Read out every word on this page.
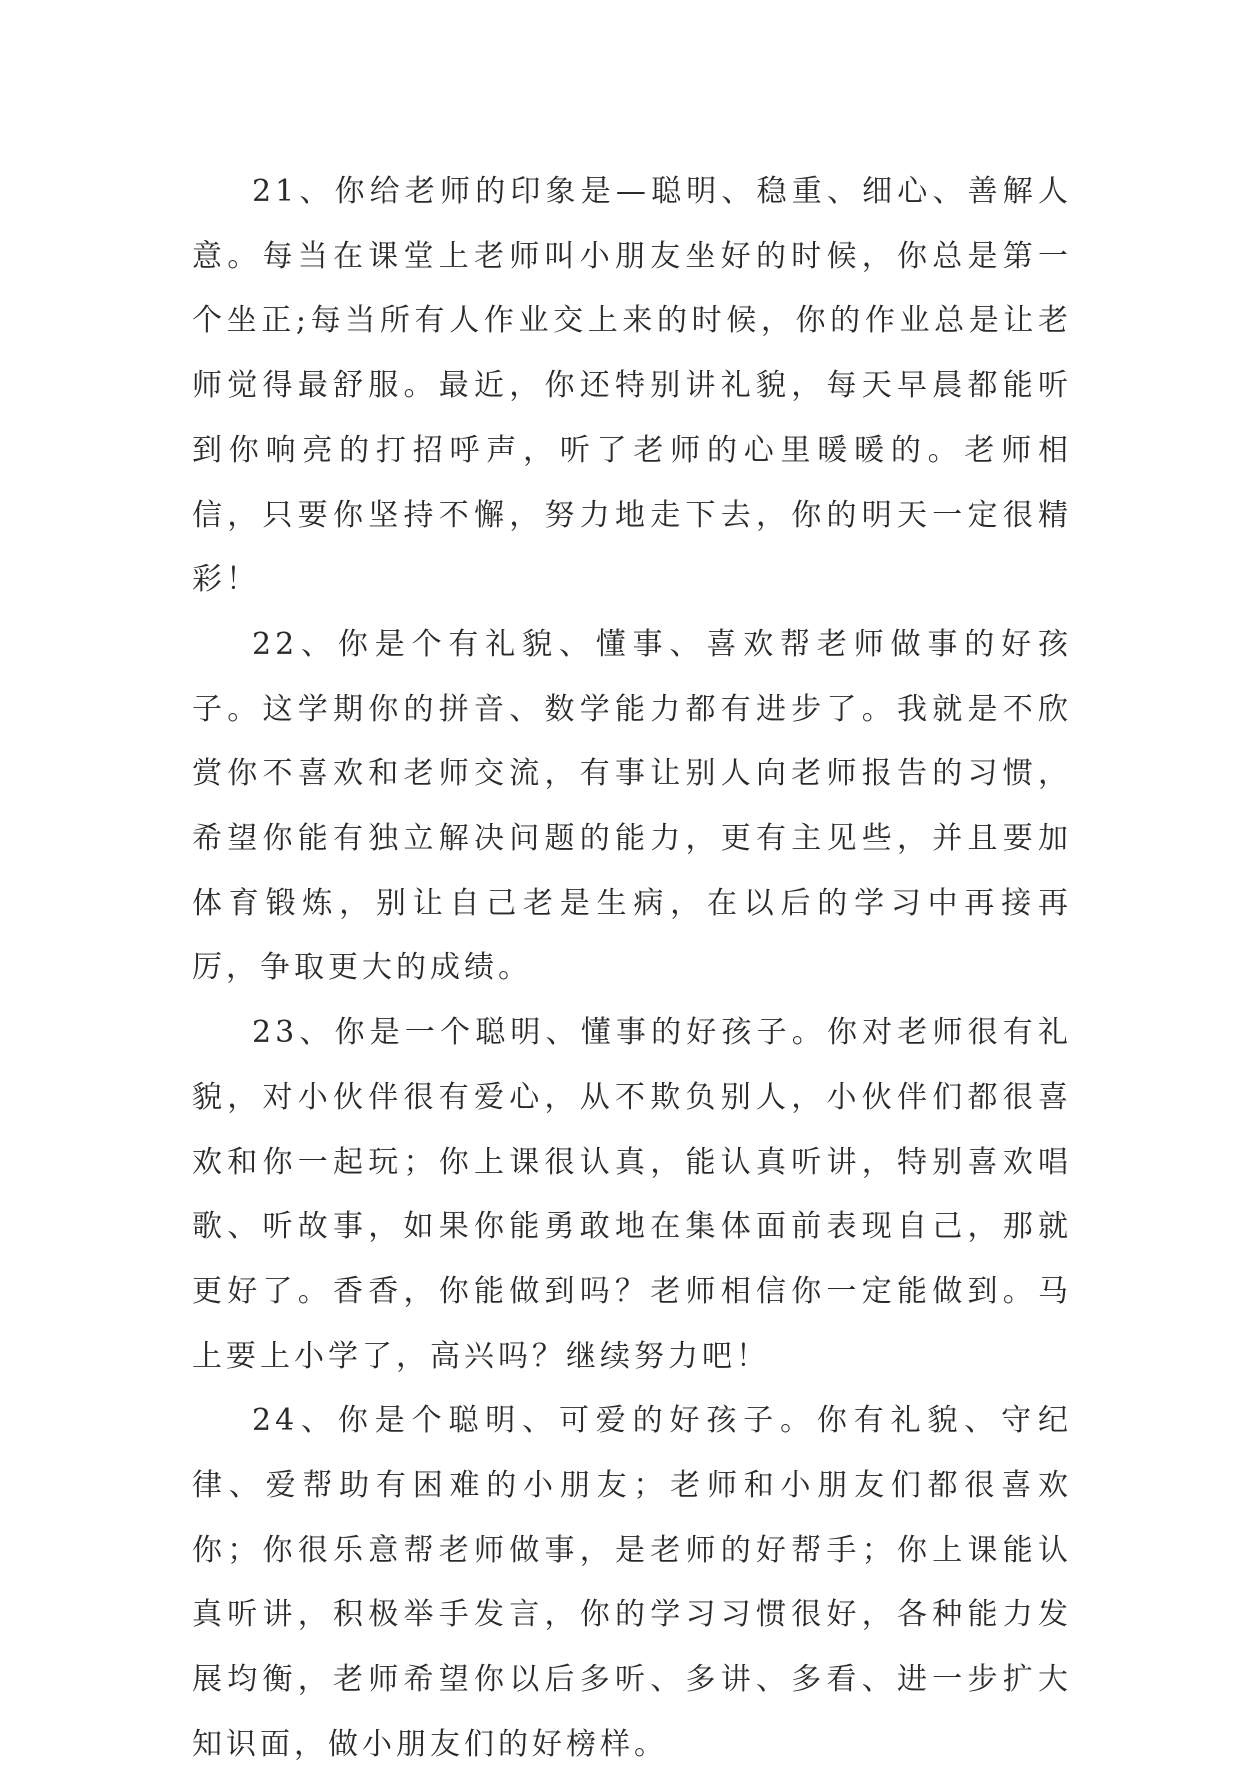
21、你给老师的印象是—聪明、稳重、细心、善解人意。每当在课堂上老师叫小朋友坐好的时候，你总是第一个坐正;每当所有人作业交上来的时候，你的作业总是让老师觉得最舒服。最近，你还特别讲礼貌，每天早晨都能听到你响亮的打招呼声，听了老师的心里暖暖的。老师相信，只要你坚持不懈，努力地走下去，你的明天一定很精彩！

22、你是个有礼貌、懂事、喜欢帮老师做事的好孩子。这学期你的拼音、数学能力都有进步了。我就是不欣赏你不喜欢和老师交流，有事让别人向老师报告的习惯，希望你能有独立解决问题的能力，更有主见些，并且要加体育锻炼，别让自己老是生病，在以后的学习中再接再厉，争取更大的成绩。

23、你是一个聪明、懂事的好孩子。你对老师很有礼貌，对小伙伴很有爱心，从不欺负别人，小伙伴们都很喜欢和你一起玩；你上课很认真，能认真听讲，特别喜欢唱歌、听故事，如果你能勇敢地在集体面前表现自己，那就更好了。香香，你能做到吗？老师相信你一定能做到。马上要上小学了，高兴吗？继续努力吧！

24、你是个聪明、可爱的好孩子。你有礼貌、守纪律、爱帮助有困难的小朋友；老师和小朋友们都很喜欢你；你很乐意帮老师做事，是老师的好帮手；你上课能认真听讲，积极举手发言，你的学习习惯很好，各种能力发展均衡，老师希望你以后多听、多讲、多看、进一步扩大知识面，做小朋友们的好榜样。
